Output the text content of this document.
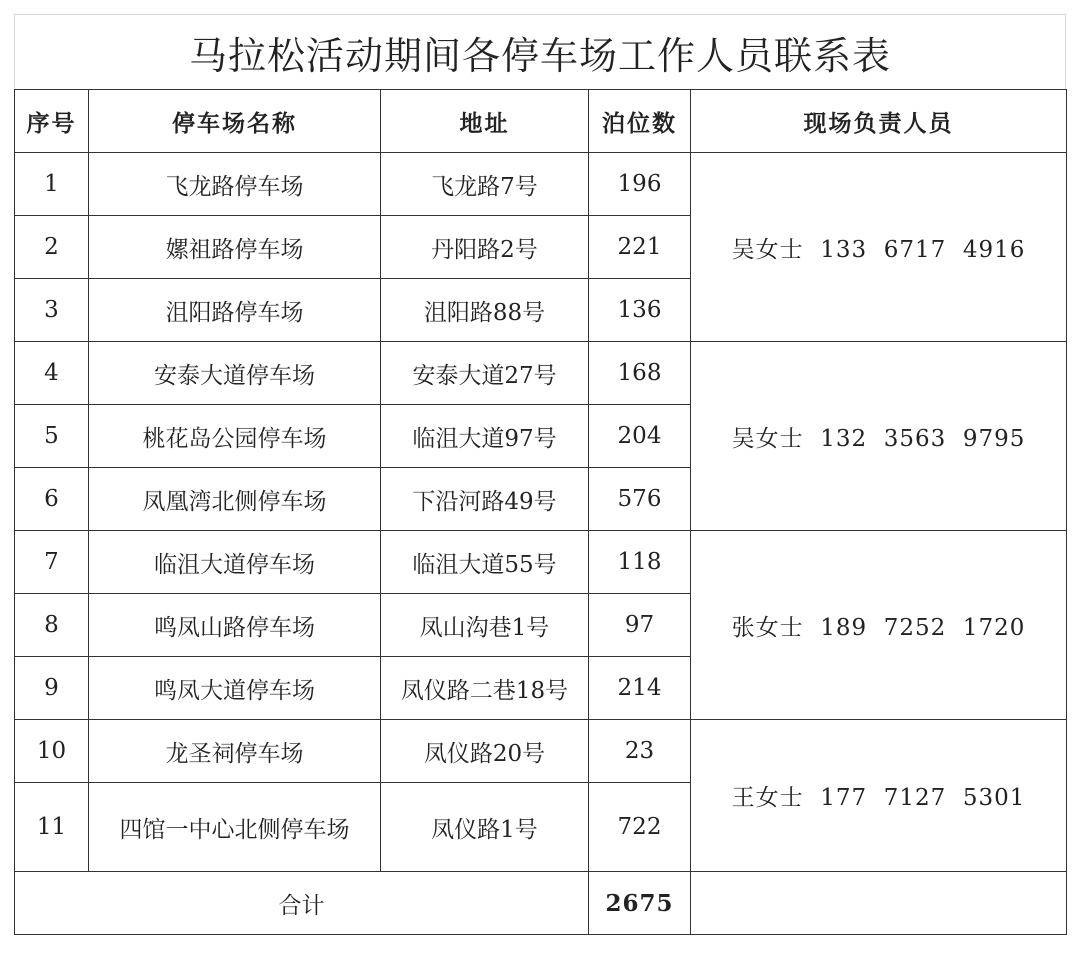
马拉松活动期间各停车场工作人员联系表
序号	停车场名称	地址	泊位数	现场负责人员
1	飞龙路停车场	飞龙路7号	196	吴女士  133  6717  4916
2	嫘祖路停车场	丹阳路2号	221	
3	沮阳路停车场	沮阳路88号	136	
4	安泰大道停车场	安泰大道27号	168	吴女士  132  3563  9795
5	桃花岛公园停车场	临沮大道97号	204	
6	凤凰湾北侧停车场	下沿河路49号	576	
7	临沮大道停车场	临沮大道55号	118	张女士  189  7252  1720
8	鸣凤山路停车场	凤山沟巷1号	97	
9	鸣凤大道停车场	凤仪路二巷18号	214	
10	龙圣祠停车场	凤仪路20号	23	王女士  177  7127  5301
11	四馆一中心北侧停车场	凤仪路1号	722	
合计			2675	
